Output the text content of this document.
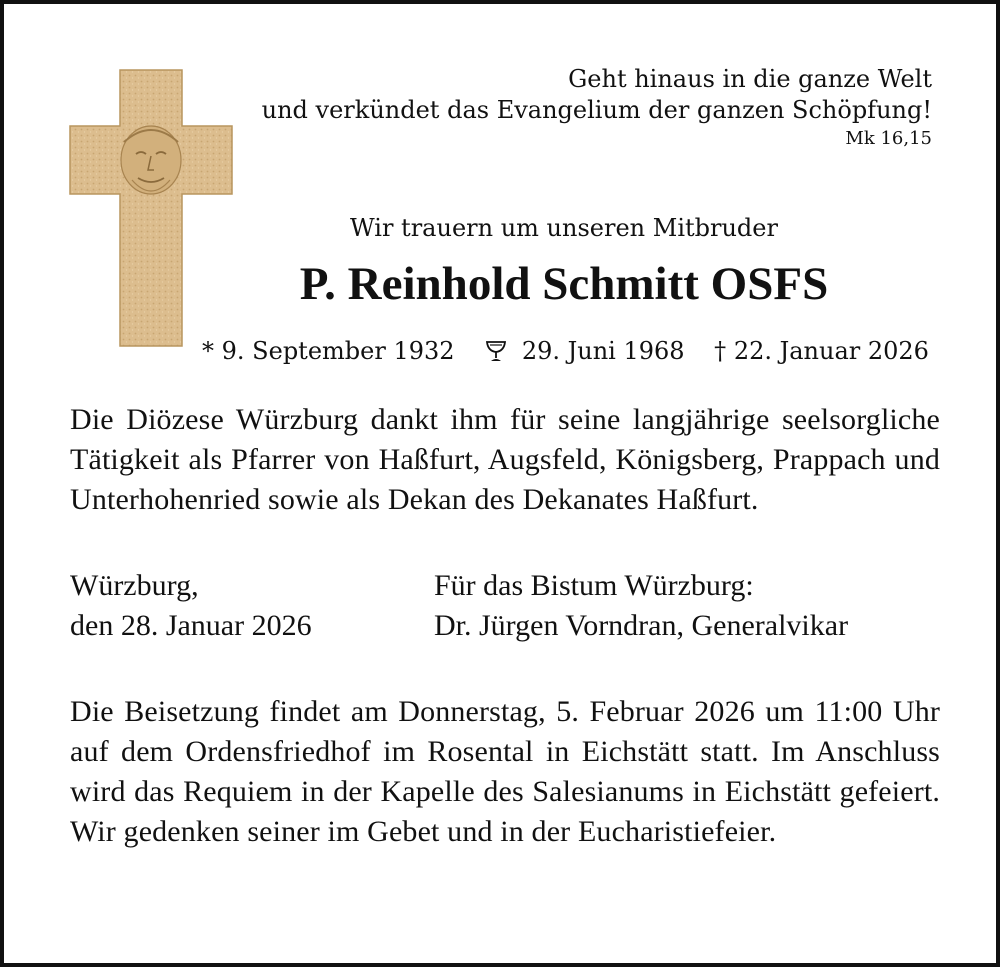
Geht hinaus in die ganze Welt
und verkündet das Evangelium der ganzen Schöpfung!
Mk 16,15
Wir trauern um unseren Mitbruder
P. Reinhold Schmitt OSFS
* 9. September 1932	29. Juni 1968 † 22. Januar 2026
Die Diözese Würzburg dankt ihm für seine langjährige seelsorgliche Tätigkeit als Pfarrer von Haßfurt, Augsfeld, Königsberg, Prappach und Unterhohenried sowie als Dekan des Dekanates Haßfurt.
Würzburg,
den 28. Januar 2026
Für das Bistum Würzburg:
Dr. Jürgen Vorndran, Generalvikar
Die Beisetzung findet am Donnerstag, 5. Februar 2026 um 11:00 Uhr auf dem Ordensfriedhof im Rosental in Eichstätt statt. Im Anschluss wird das Requiem in der Kapelle des Salesianums in Eichstätt gefeiert. Wir gedenken seiner im Gebet und in der Eucharistiefeier.
